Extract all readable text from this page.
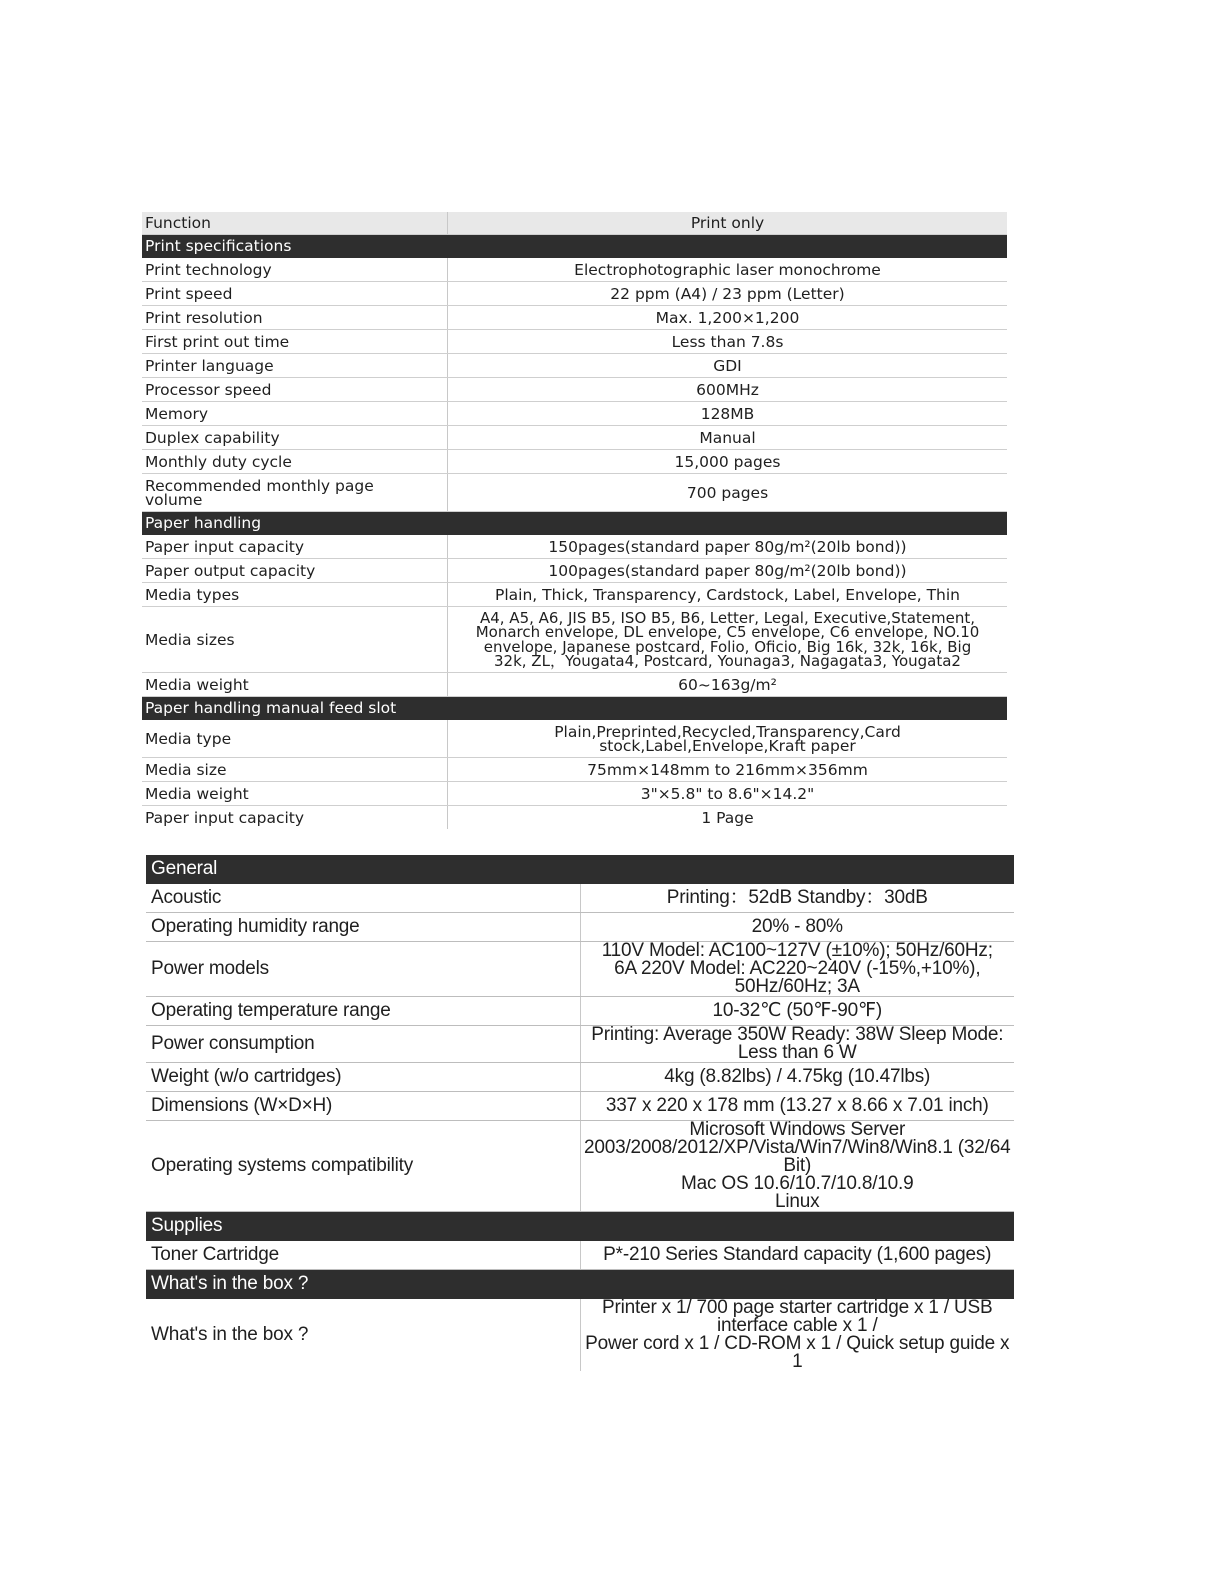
Function	Print only
Print specifications	
Print technology	Electrophotographic laser monochrome
Print speed	22 ppm (A4) / 23 ppm (Letter)
Print resolution	Max. 1,200×1,200
First print out time	Less than 7.8s
Printer language	GDI
Processor speed	600MHz
Memory	128MB
Duplex capability	Manual
Monthly duty cycle	15,000 pages
Recommended monthly page
volume	700 pages
Paper handling	
Paper input capacity	150pages(standard paper 80g/m²(20lb bond))
Paper output capacity	100pages(standard paper 80g/m²(20lb bond))
Media types	Plain, Thick, Transparency, Cardstock, Label, Envelope, Thin
Media sizes	A4, A5, A6, JIS B5, ISO B5, B6, Letter, Legal, Executive,Statement,
Monarch envelope, DL envelope, C5 envelope, C6 envelope, NO.10
envelope, Japanese postcard, Folio, Oficio, Big 16k, 32k, 16k, Big
32k, ZL，Yougata4, Postcard, Younaga3, Nagagata3, Yougata2
Media weight	60~163g/m²
Paper handling manual feed slot	
Media type	Plain,Preprinted,Recycled,Transparency,Card
stock,Label,Envelope,Kraft paper
Media size	75mm×148mm to 216mm×356mm
Media weight	3"×5.8" to 8.6"×14.2"
Paper input capacity	1 Page
General	
Acoustic	Printing：52dB Standby：30dB
Operating humidity range	20% - 80%
Power models	110V Model: AC100~127V (±10%); 50Hz/60Hz;
6A 220V Model: AC220~240V (-15%,+10%), 50Hz/60Hz; 3A
Operating temperature range	10-32℃ (50℉-90℉)
Power consumption	Printing: Average 350W Ready: 38W Sleep Mode: Less than 6 W
Weight (w/o cartridges)	4kg (8.82lbs) / 4.75kg (10.47lbs)
Dimensions (W×D×H)	337 x 220 x 178 mm (13.27 x 8.66 x 7.01 inch)
Operating systems compatibility	Microsoft Windows Server
2003/2008/2012/XP/Vista/Win7/Win8/Win8.1 (32/64 Bit)
Mac OS 10.6/10.7/10.8/10.9
Linux
Supplies	
Toner Cartridge	P*-210 Series Standard capacity (1,600 pages)
What's in the box ?	
What's in the box ?	Printer x 1/ 700 page starter cartridge x 1 / USB interface cable x 1 /
Power cord x 1 / CD-ROM x 1 / Quick setup guide x 1
